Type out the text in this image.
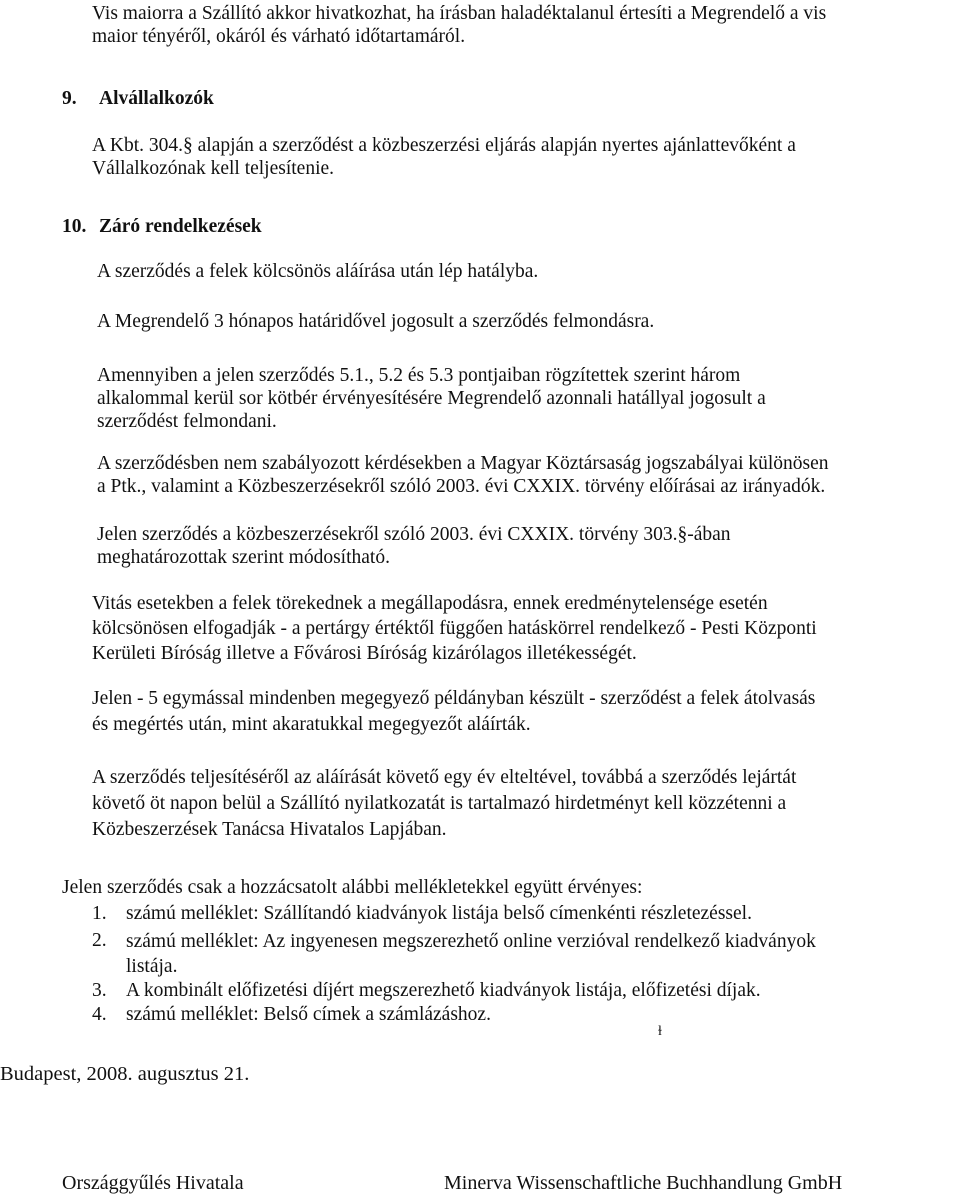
Vis maiorra a Szállító akkor hivatkozhat, ha írásban haladéktalanul értesíti a Megrendelő a vis
maior tényéről, okáról és várható időtartamáról.
9. Alvállalkozók
A Kbt. 304.§ alapján a szerződést a közbeszerzési eljárás alapján nyertes ajánlattevőként a
Vállalkozónak kell teljesítenie.
10. Záró rendelkezések
A szerződés a felek kölcsönös aláírása után lép hatályba.
A Megrendelő 3 hónapos határidővel jogosult a szerződés felmondásra.
Amennyiben a jelen szerződés 5.1., 5.2 és 5.3 pontjaiban rögzítettek szerint három
alkalommal kerül sor kötbér érvényesítésére Megrendelő azonnali hatállyal jogosult a
szerződést felmondani.
A szerződésben nem szabályozott kérdésekben a Magyar Köztársaság jogszabályai különösen
a Ptk., valamint a Közbeszerzésekről szóló 2003. évi CXXIX. törvény előírásai az irányadók.
Jelen szerződés a közbeszerzésekről szóló 2003. évi CXXIX. törvény 303.§-ában
meghatározottak szerint módosítható.
Vitás esetekben a felek törekednek a megállapodásra, ennek eredménytelensége esetén
kölcsönösen elfogadják - a pertárgy értéktől függően hatáskörrel rendelkező - Pesti Központi
Kerületi Bíróság illetve a Fővárosi Bíróság kizárólagos illetékességét.
Jelen - 5 egymással mindenben megegyező példányban készült - szerződést a felek átolvasás
és megértés után, mint akaratukkal megegyezőt aláírták.
A szerződés teljesítéséről az aláírását követő egy év elteltével, továbbá a szerződés lejártát
követő öt napon belül a Szállító nyilatkozatát is tartalmazó hirdetményt kell közzétenni a
Közbeszerzések Tanácsa Hivatalos Lapjában.
Jelen szerződés csak a hozzácsatolt alábbi mellékletekkel együtt érvényes:
1. számú melléklet: Szállítandó kiadványok listája belső címenkénti részletezéssel.
2. számú melléklet: Az ingyenesen megszerezhető online verzióval rendelkező kiadványok
listája.
3. A kombinált előfizetési díjért megszerezhető kiadványok listája, előfizetési díjak.
4. számú melléklet: Belső címek a számlázáshoz.
ɫ
Budapest, 2008. augusztus 21.
Országgyűlés Hivatala	Minerva Wissenschaftliche Buchhandlung GmbH
